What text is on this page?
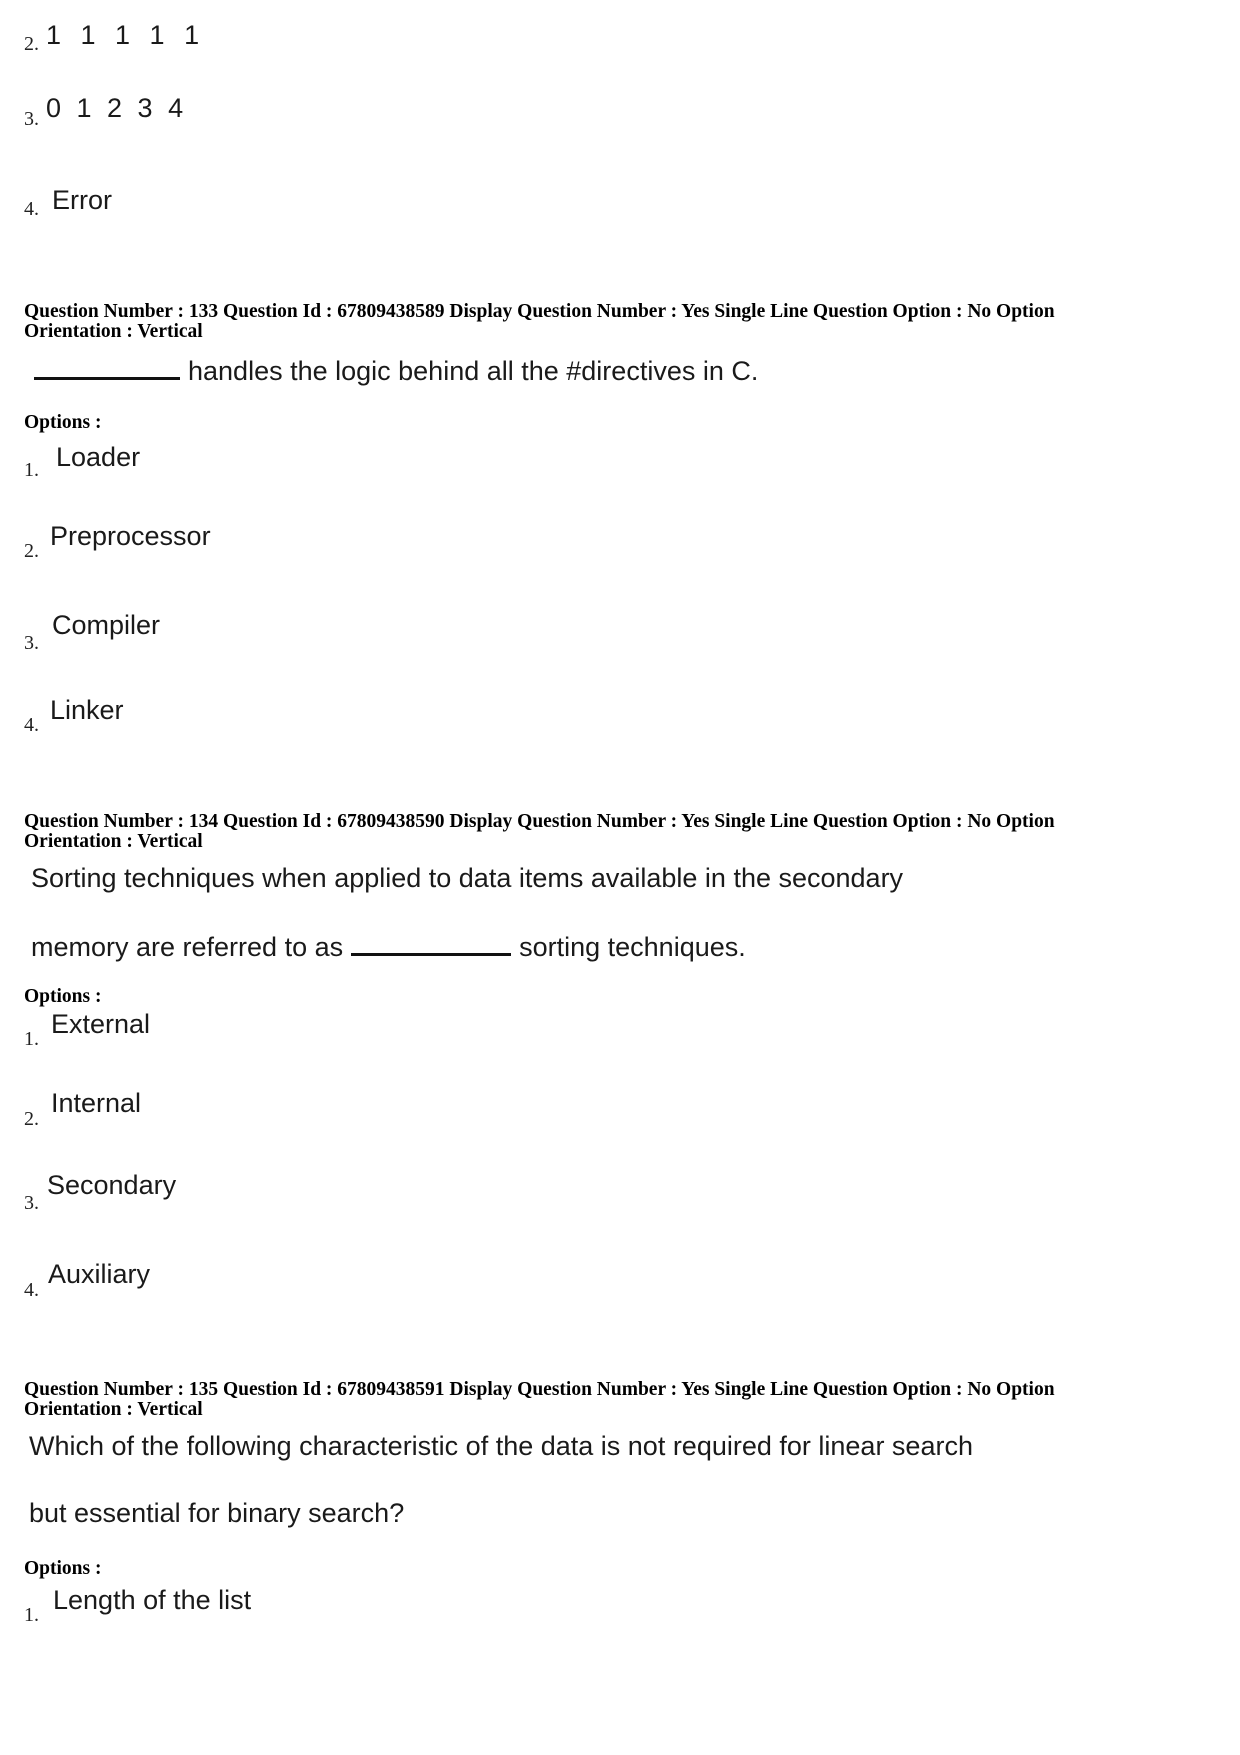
2. 1 1 1 1 1
3. 0 1 2 3 4
4. Error
Question Number : 133 Question Id : 67809438589 Display Question Number : Yes Single Line Question Option : No Option
Orientation : Vertical
handles the logic behind all the #directives in C.
Options :
1. Loader
2. Preprocessor
3.
Compiler
4. Linker
Question Number : 134 Question Id : 67809438590 Display Question Number : Yes Single Line Question Option : No Option
Orientation : Vertical
Sorting techniques when applied to data items available in the secondary
memory are referred to as	sorting techniques.
Options :
1. External
2.
Internal
3.
Secondary
4.
Auxiliary
Question Number : 135 Question Id : 67809438591 Display Question Number : Yes Single Line Question Option : No Option
Orientation : Vertical
Which of the following characteristic of the data is not required for linear search
but essential for binary search?
Options :
1. Length of the list
